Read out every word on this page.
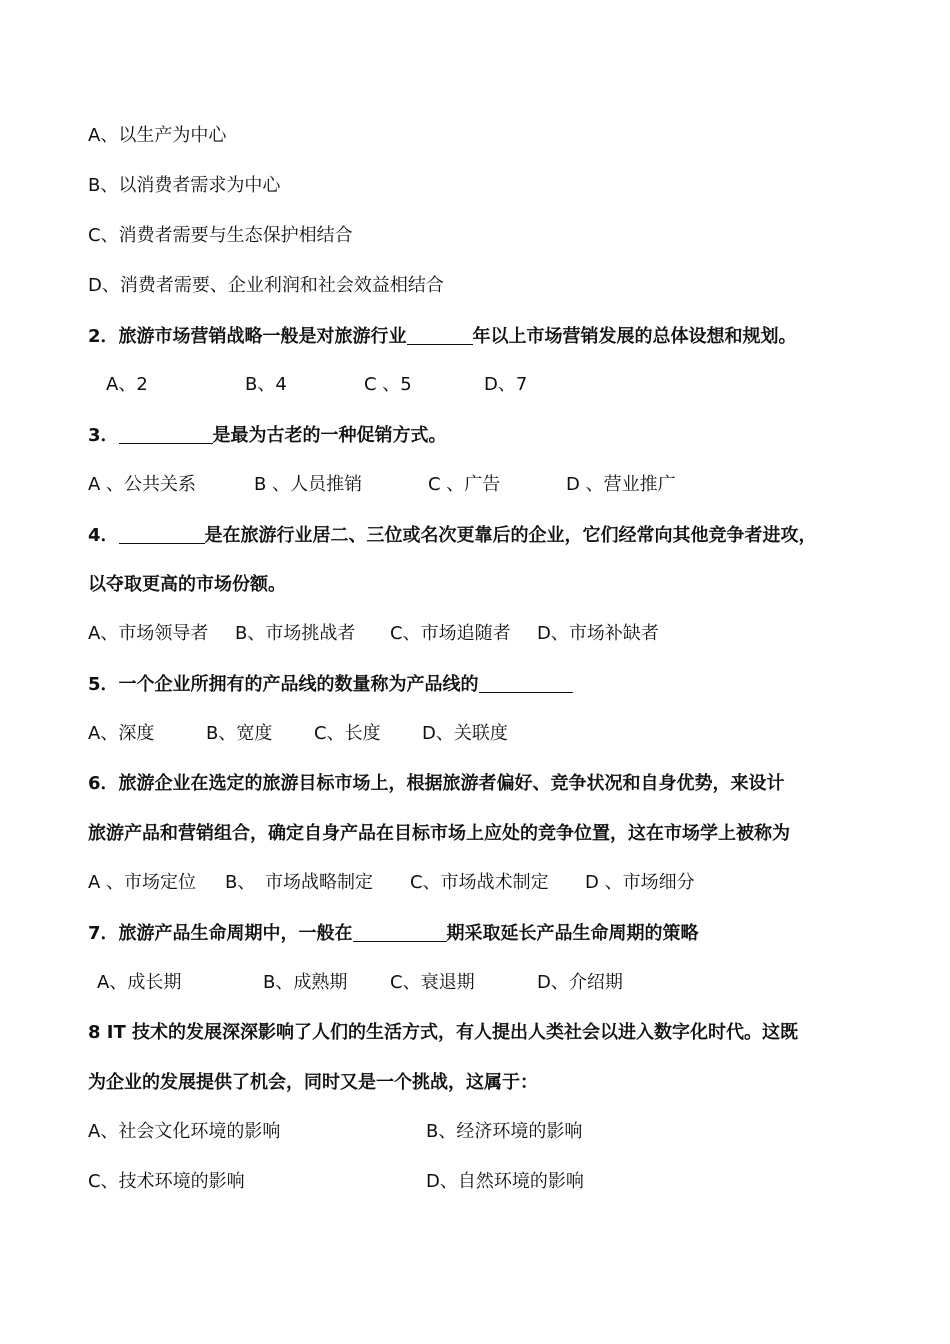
A、以生产为中心
B、以消费者需求为中心
C、消费者需要与生态保护相结合
D、消费者需要、企业利润和社会效益相结合
2．旅游市场营销战略一般是对旅游行业	年以上市场营销发展的总体设想和规划。
A、2	B、4	C 、5	D、7
3．	是最为古老的一种促销方式。
A 、公共关系	B 、人员推销	C 、广告	D 、营业推广
4．	是在旅游行业居二、三位或名次更靠后的企业，它们经常向其他竞争者进攻，
以夺取更高的市场份额。
A、市场领导者 B、市场挑战者 C、市场追随者 D、市场补缺者
5．一个企业所拥有的产品线的数量称为产品线的
A、深度	B、宽度 C、长度 D、关联度
6．旅游企业在选定的旅游目标市场上，根据旅游者偏好、竞争状况和自身优势，来设计
旅游产品和营销组合，确定自身产品在目标市场上应处的竞争位置，这在市场学上被称为
A 、市场定位 B、 市场战略制定 C、市场战术制定 D 、市场细分
7．旅游产品生命周期中，一般在	期采取延长产品生命周期的策略
A、成长期	B、成熟期 C、衰退期	D、介绍期
8 IT 技术的发展深深影响了人们的生活方式，有人提出人类社会以进入数字化时代。这既
为企业的发展提供了机会，同时又是一个挑战，这属于：
A、社会文化环境的影响	B、经济环境的影响
C、技术环境的影响	D、自然环境的影响
